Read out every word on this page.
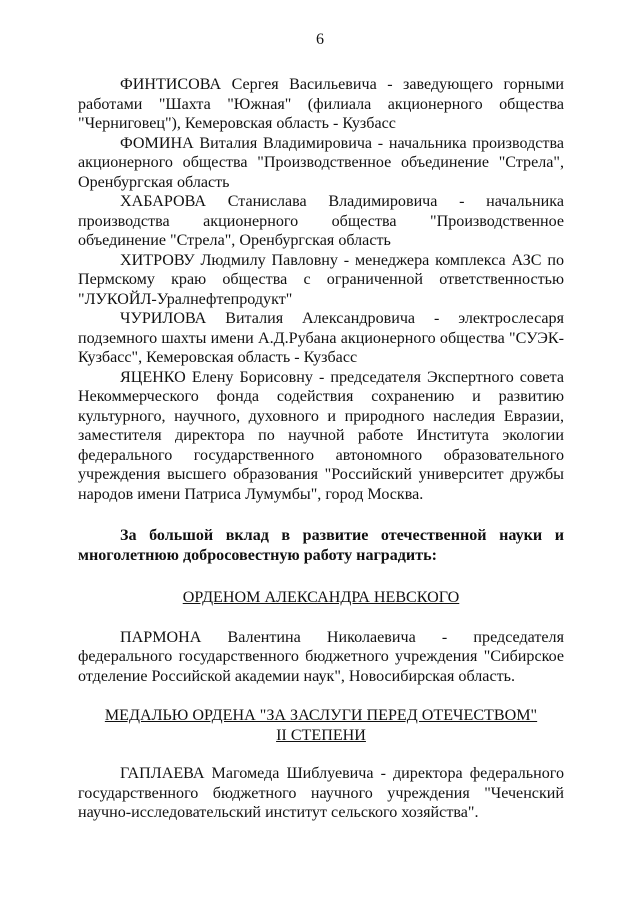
6

ФИНТИСОВА Сергея Васильевича - заведующего горными работами "Шахта "Южная" (филиала акционерного общества "Черниговец"), Кемеровская область - Кузбасс

ФОМИНА Виталия Владимировича - начальника производства акционерного общества "Производственное объединение "Стрела", Оренбургская область

ХАБАРОВА Станислава Владимировича - начальника производства акционерного общества "Производственное объединение "Стрела", Оренбургская область

ХИТРОВУ Людмилу Павловну - менеджера комплекса АЗС по Пермскому краю общества с ограниченной ответственностью "ЛУКОЙЛ-Уралнефтепродукт"

ЧУРИЛОВА Виталия Александровича - электрослесаря подземного шахты имени А.Д.Рубана акционерного общества "СУЭК-Кузбасс", Кемеровская область - Кузбасс

ЯЦЕНКО Елену Борисовну - председателя Экспертного совета Некоммерческого фонда содействия сохранению и развитию культурного, научного, духовного и природного наследия Евразии, заместителя директора по научной работе Института экологии федерального государственного автономного образовательного учреждения высшего образования "Российский университет дружбы народов имени Патриса Лумумбы", город Москва.

За большой вклад в развитие отечественной науки и многолетнюю добросовестную работу наградить:

ОРДЕНОМ АЛЕКСАНДРА НЕВСКОГО

ПАРМОНА Валентина Николаевича - председателя федерального государственного бюджетного учреждения "Сибирское отделение Российской академии наук", Новосибирская область.

МЕДАЛЬЮ ОРДЕНА "ЗА ЗАСЛУГИ ПЕРЕД ОТЕЧЕСТВОМ"

II СТЕПЕНИ

ГАПЛАЕВА Магомеда Шиблуевича - директора федерального государственного бюджетного научного учреждения "Чеченский научно-исследовательский институт сельского хозяйства".
